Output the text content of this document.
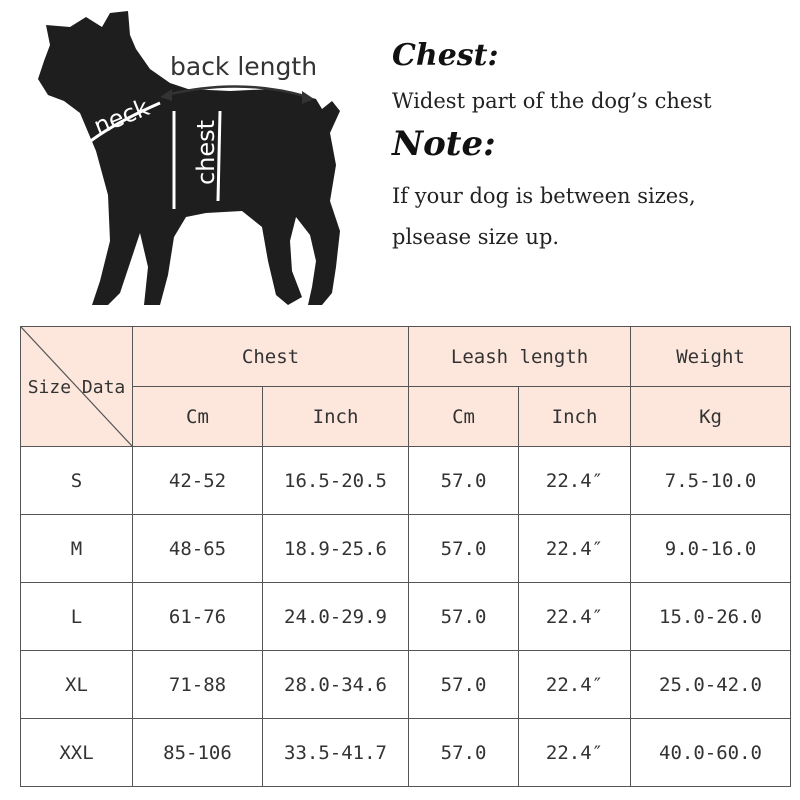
back length
neck
chest

Chest:

Widest part of the dog’s chest

Note:

If your dog is between sizes,

plsease size up.

Size Data	Chest		Leash length		Weight
	Cm	Inch	Cm	Inch	Kg
S	42-52	16.5-20.5	57.0	22.4″	7.5-10.0
M	48-65	18.9-25.6	57.0	22.4″	9.0-16.0
L	61-76	24.0-29.9	57.0	22.4″	15.0-26.0
XL	71-88	28.0-34.6	57.0	22.4″	25.0-42.0
XXL	85-106	33.5-41.7	57.0	22.4″	40.0-60.0
